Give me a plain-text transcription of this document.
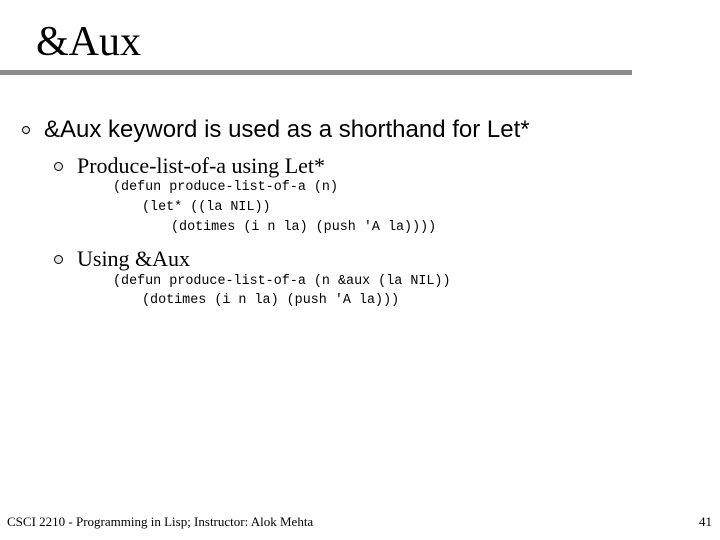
&Aux
&Aux keyword is used as a shorthand for Let*
Produce-list-of-a using Let*
(defun produce-list-of-a (n)
(let* ((la NIL))
(dotimes (i n la) (push 'A la))))
Using &Aux
(defun produce-list-of-a (n &aux (la NIL))
(dotimes (i n la) (push 'A la)))
CSCI 2210 - Programming in Lisp; Instructor: Alok Mehta	41
